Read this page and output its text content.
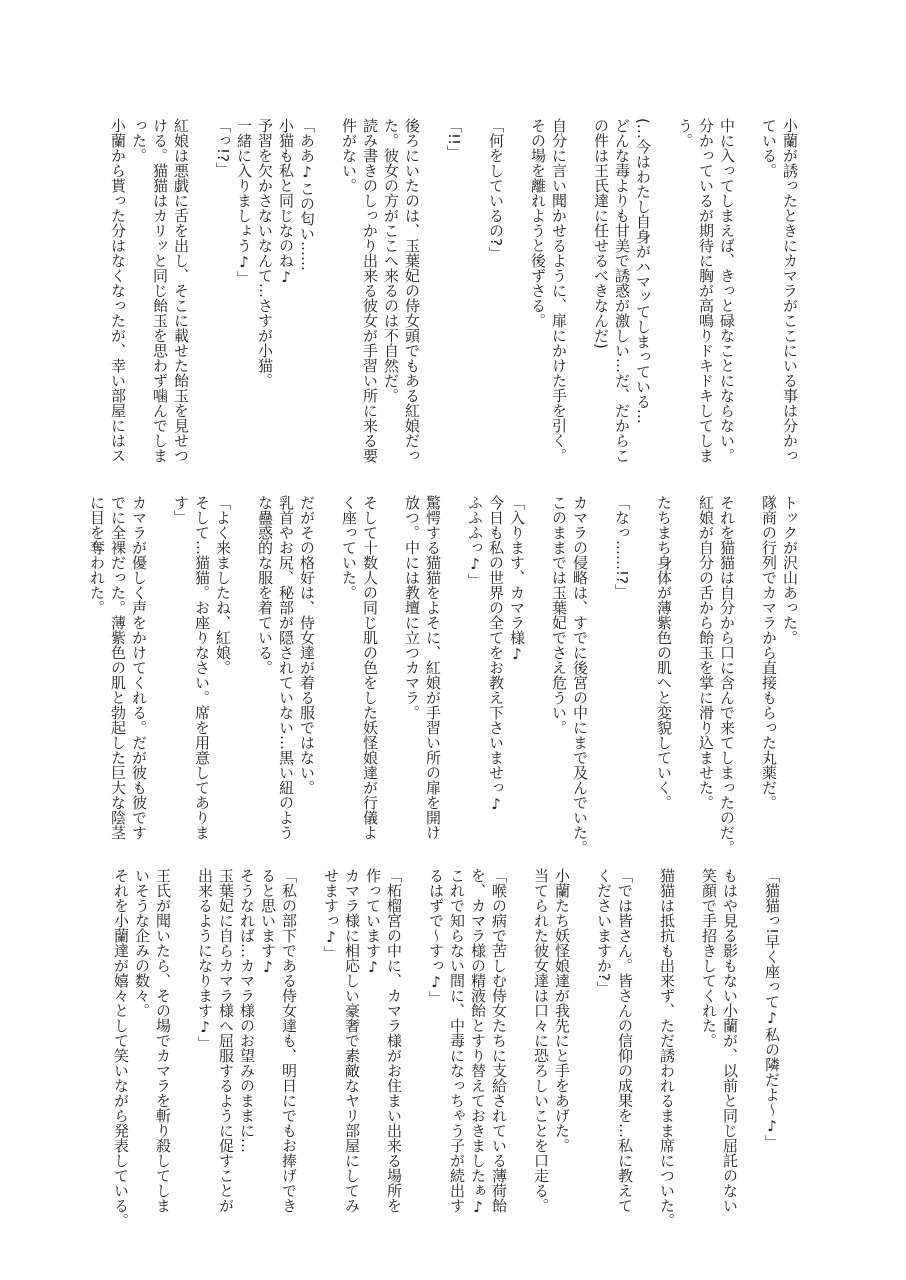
小蘭が誘ったときにカマラがここにいる事は分かっ
ている。

中に入ってしまえば、きっと碌なことにならない。
分かっているが期待に胸が高鳴りドキドキしてしま
う。

(…今はわたし自身がハマッてしまっている…
どんな毒よりも甘美で誘惑が激しい…だ、だからこ
の件は王氏達に任せるべきなんだ)

自分に言い聞かせるように、扉にかけた手を引く。
その場を離れようと後ずさる。

「何をしているの?」

「!!」

後ろにいたのは、玉葉妃の侍女頭でもある紅娘だっ
た。彼女の方がここへ来るのは不自然だ。
読み書きのしっかり出来る彼女が手習い所に来る要
件がない。

「ああ♪この匂い……
小猫も私と同じなのね♪
予習を欠かさないなんて…さすが小猫。
一緒に入りましょう♪」
「っ!?」

紅娘は悪戯に舌を出し、そこに載せた飴玉を見せつ
ける。猫猫はカリッと同じ飴玉を思わず噛んでしま
った。
小蘭から貰った分はなくなったが、幸い部屋にはス
トックが沢山あった。
隊商の行列でカマラから直接もらった丸薬だ。

それを猫猫は自分から口に含んで来てしまったのだ。
紅娘が自分の舌から飴玉を掌に滑り込ませた。

たちまち身体が薄紫色の肌へと変貌していく。

「なっ……!?」

カマラの侵略は、すでに後宮の中にまで及んでいた。
このままでは玉葉妃でさえ危うい。

「入ります、カマラ様♪
今日も私の世界の全てをお教え下さいませっ♪
ふふふっ♪」

驚愕する猫猫をよそに、紅娘が手習い所の扉を開け
放つ。中には教壇に立つカマラ。

そして十数人の同じ肌の色をした妖怪娘達が行儀よ
く座っていた。

だがその格好は、侍女達が着る服ではない。
乳首やお尻、秘部が隠されていない…黒い紐のよう
な蠱惑的な服を着ている。

「よく来ましたね、紅娘。
そして…猫猫。お座りなさい。席を用意してありま
す」

カマラが優しく声をかけてくれる。だが彼も彼です
でに全裸だった。薄紫色の肌と勃起した巨大な陰茎
に目を奪われた。
「猫猫っ!早く座って♪私の隣だよ〜♪」

もはや見る影もない小蘭が、以前と同じ屈託のない
笑顔で手招きしてくれた。

猫猫は抵抗も出来ず、ただ誘われるまま席についた。

「では皆さん。皆さんの信仰の成果を…私に教えて
くださいますか?」

小蘭たち妖怪娘達が我先にと手をあげた。
当てられた彼女達は口々に恐ろしいことを口走る。

「喉の病で苦しむ侍女たちに支給されている薄荷飴
を、カマラ様の精液飴とすり替えておきましたぁ♪
これで知らない間に、中毒になっちゃう子が続出す
るはずで〜すっ♪」

「柘榴宮の中に、カマラ様がお住まい出来る場所を
作っています♪
カマラ様に相応しい豪奢で素敵なヤリ部屋にしてみ
せますっ♪」

「私の部下である侍女達も、明日にでもお捧げでき
ると思います♪
そうなれば…カマラ様のお望みのままに…
玉葉妃に自らカマラ様へ屈服するように促すことが
出来るようになります♪」

王氏が聞いたら、その場でカマラを斬り殺してしま
いそうな企みの数々。
それを小蘭達が嬉々として笑いながら発表している。
